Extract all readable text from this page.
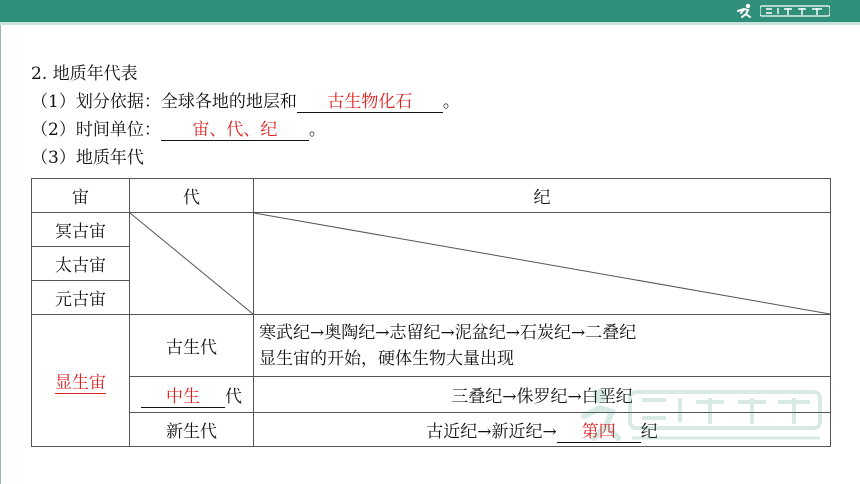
2. 地质年代表
（1）划分依据：全球各地的地层和 古生物化石 。
（2）时间单位： 宙、代、纪 。
（3）地质年代
宙	代	纪
冥古宙	

太古宙		
元古宙		
显生宙	古生代	寒武纪→奥陶纪→志留纪→泥盆纪→石炭纪→二叠纪
显生宙的开始，硬体生物大量出现

	中生 代	三叠纪→侏罗纪→白垩纪
	新生代	古近纪→新近纪→ 第四 纪
